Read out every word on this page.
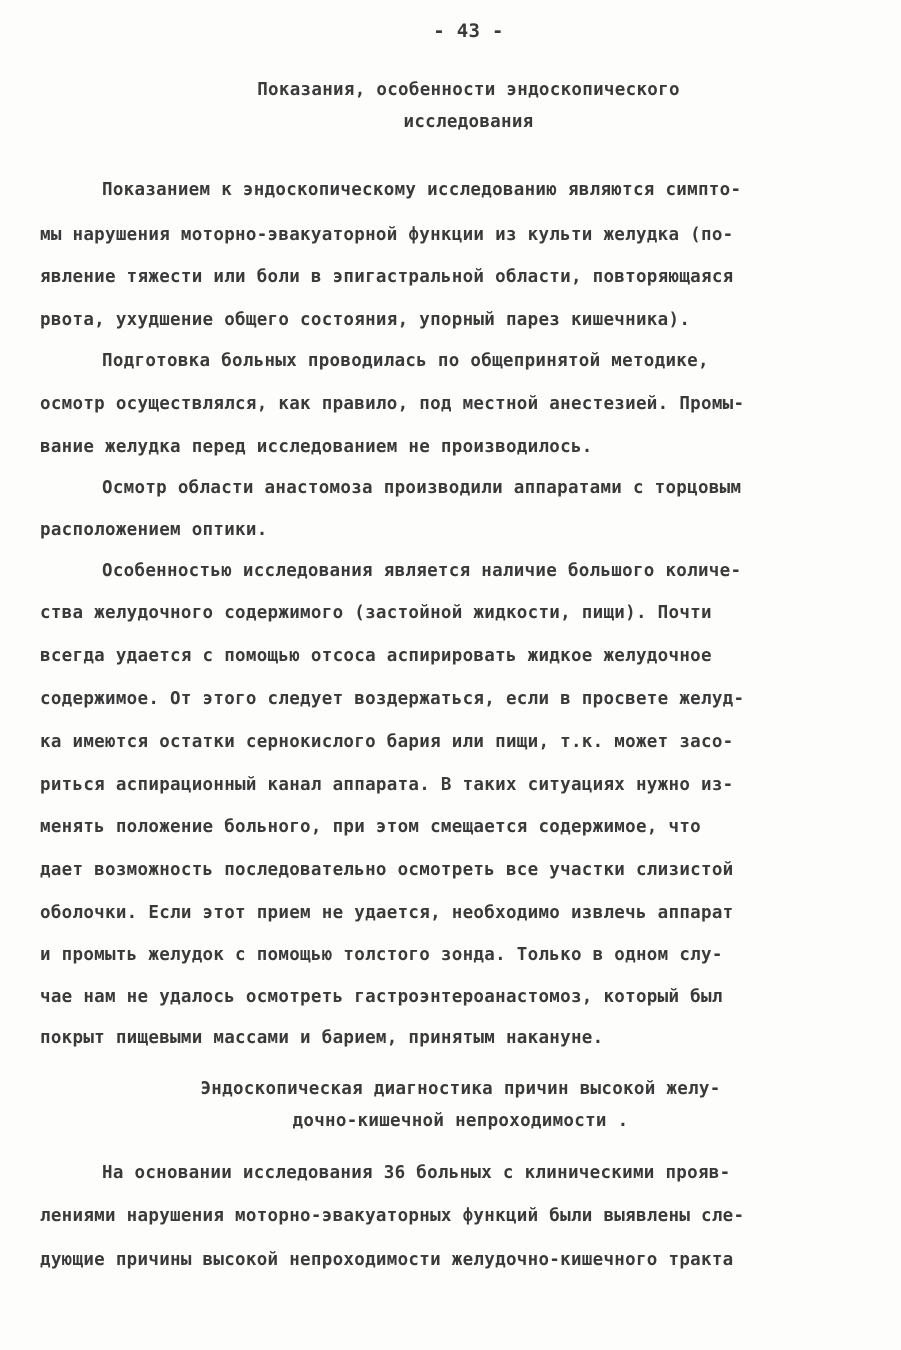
- 43 -
Показания, особенности эндоскопического
исследования
Показанием к эндоскопическому исследованию являются симпто-
мы нарушения моторно-эвакуаторной функции из культи желудка (по-
явление тяжести или боли в эпигастральной области, повторяющаяся
рвота, ухудшение общего состояния, упорный парез кишечника).
Подготовка больных проводилась по общепринятой методике,
осмотр осуществлялся, как правило, под местной анестезией. Промы-
вание желудка перед исследованием не производилось.
Осмотр области анастомоза производили аппаратами с торцовым
расположением оптики.
Особенностью исследования является наличие большого количе-
ства желудочного содержимого (застойной жидкости, пищи). Почти
всегда удается с помощью отсоса аспирировать жидкое желудочное
содержимое. От этого следует воздержаться, если в просвете желуд-
ка имеются остатки сернокислого бария или пищи, т.к. может засо-
риться аспирационный канал аппарата. В таких ситуациях нужно из-
менять положение больного, при этом смещается содержимое, что
дает возможность последовательно осмотреть все участки слизистой
оболочки. Если этот прием не удается, необходимо извлечь аппарат
и промыть желудок с помощью толстого зонда. Только в одном слу-
чае нам не удалось осмотреть гастроэнтероанастомоз, который был
покрыт пищевыми массами и барием, принятым накануне.
Эндоскопическая диагностика причин высокой желу-
дочно-кишечной непроходимости .
На основании исследования 36 больных с клиническими прояв-
лениями нарушения моторно-эвакуаторных функций были выявлены сле-
дующие причины высокой непроходимости желудочно-кишечного тракта
